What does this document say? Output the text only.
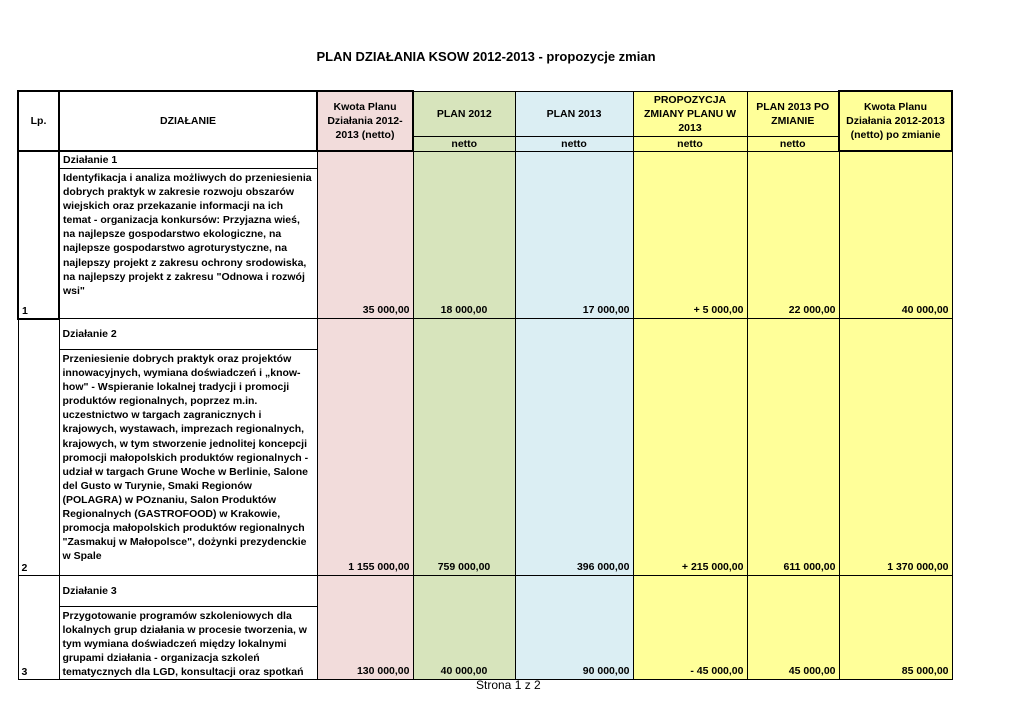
PLAN DZIAŁANIA KSOW 2012-2013 - propozycje zmian
Lp.	DZIAŁANIE	Kwota Planu Działania 2012-2013 (netto)	PLAN 2012	PLAN 2013	PROPOZYCJA ZMIANY PLANU W 2013	PLAN 2013 PO ZMIANIE	Kwota Planu Działania 2012-2013 (netto) po zmianie
			netto	netto	netto	netto	
1	Działanie 1	35 000,00	18 000,00	17 000,00	+ 5 000,00	22 000,00	40 000,00
	Identyfikacja i analiza możliwych do przeniesienia dobrych praktyk w zakresie rozwoju obszarów wiejskich oraz przekazanie informacji na ich temat - organizacja konkursów: Przyjazna wieś, na najlepsze gospodarstwo ekologiczne, na najlepsze gospodarstwo agroturystyczne, na najlepszy projekt z zakresu ochrony srodowiska, na najlepszy projekt z zakresu "Odnowa i rozwój wsi"						
2	Działanie 2	1 155 000,00	759 000,00	396 000,00	+ 215 000,00	611 000,00	1 370 000,00
	Przeniesienie dobrych praktyk oraz projektów innowacyjnych, wymiana doświadczeń i „know-how" - Wspieranie lokalnej tradycji i promocji produktów regionalnych, poprzez m.in. uczestnictwo w targach zagranicznych i krajowych, wystawach, imprezach regionalnych, krajowych, w tym stworzenie jednolitej koncepcji promocji małopolskich produktów regionalnych - udział w targach Grune Woche w Berlinie, Salone del Gusto w Turynie, Smaki Regionów (POLAGRA) w POznaniu, Salon Produktów Regionalnych (GASTROFOOD) w Krakowie, promocja małopolskich produktów regionalnych "Zasmakuj w Małopolsce", dożynki prezydenckie w Spale						
3	Działanie 3	130 000,00	40 000,00	90 000,00	- 45 000,00	45 000,00	85 000,00
	Przygotowanie programów szkoleniowych dla lokalnych grup działania w procesie tworzenia, w tym wymiana doświadczeń między lokalnymi grupami działania - organizacja szkoleń tematycznych dla LGD, konsultacji oraz spotkań						
Strona 1 z 2
